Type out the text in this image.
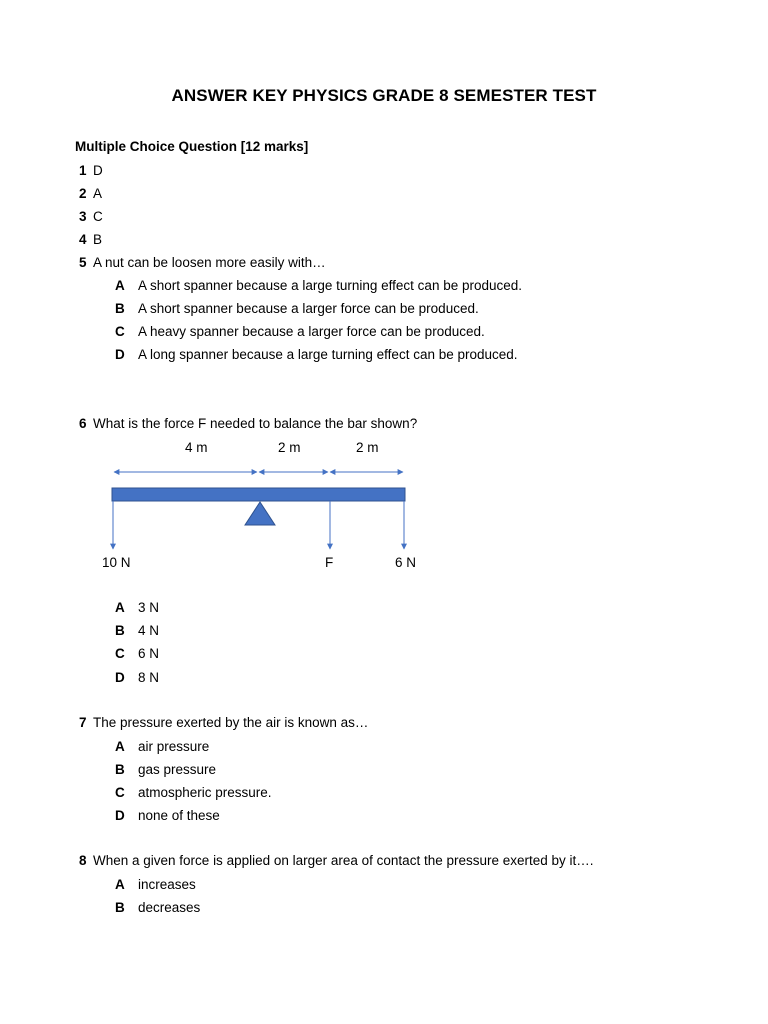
ANSWER KEY PHYSICS GRADE 8 SEMESTER TEST
Multiple Choice Question [12 marks]
1 D
2 A
3 C
4 B
5 A nut can be loosen more easily with…
A A short spanner because a large turning effect can be produced.
B A short spanner because a larger force can be produced.
C A heavy spanner because a larger force can be produced.
D A long spanner because a large turning effect can be produced.
6 What is the force F needed to balance the bar shown?
4 m	2 m	2 m
10 N	F	6 N
A 3 N
B 4 N
C 6 N
D 8 N
7 The pressure exerted by the air is known as…
A air pressure
B gas pressure
C atmospheric pressure.
D none of these
8 When a given force is applied on larger area of contact the pressure exerted by it….
A increases
B decreases
